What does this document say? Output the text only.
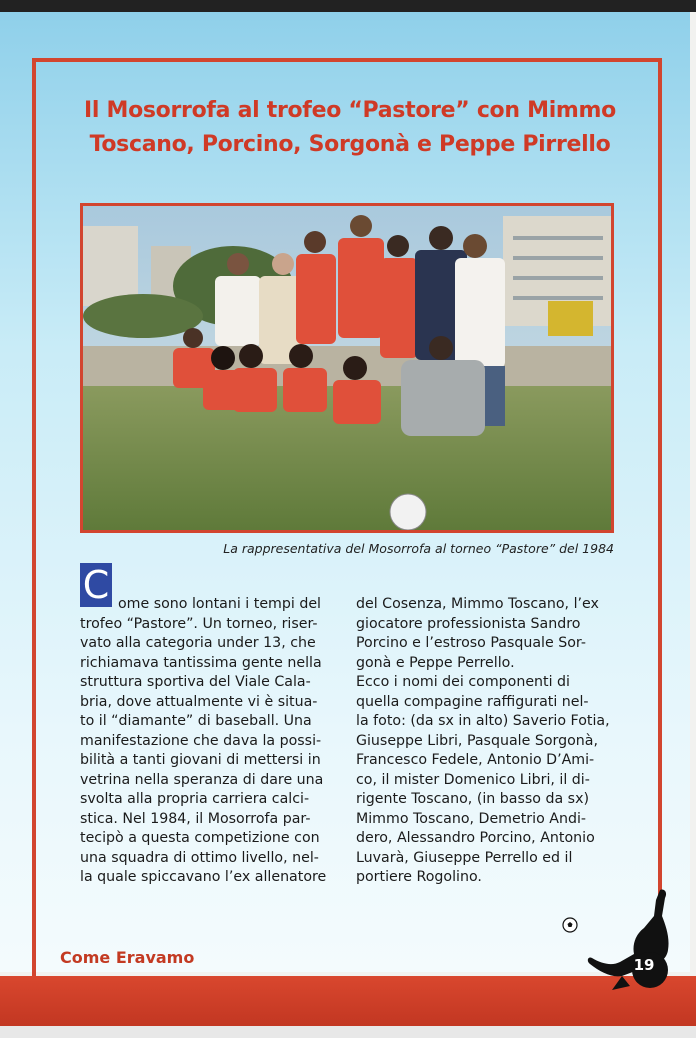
Il Mosorrofa al trofeo “Pastore” con Mimmo
Toscano, Porcino, Sorgonà e Peppe Pirrello
La rappresentativa del Mosorrofa al torneo “Pastore” del 1984
C ome sono lontani i tempi del

trofeo “Pastore”. Un torneo, riser-

vato alla categoria under 13, che

richiamava tantissima gente nella

struttura sportiva del Viale Cala-

bria, dove attualmente vi è situa-

to il “diamante” di baseball. Una

manifestazione che dava la possi-

bilità a tanti giovani di mettersi in

vetrina nella speranza di dare una

svolta alla propria carriera calci-

stica. Nel 1984, il Mosorrofa par-

tecipò a questa competizione con

una squadra di ottimo livello, nel-

la quale spiccavano l’ex allenatore

del Cosenza, Mimmo Toscano, l’ex

giocatore professionista Sandro

Porcino e l’estroso Pasquale Sor-

gonà e Peppe Perrello.

Ecco i nomi dei componenti di

quella compagine raffigurati nel-

la foto: (da sx in alto) Saverio Fotia,

Giuseppe Libri, Pasquale Sorgonà,

Francesco Fedele, Antonio D’Ami-

co, il mister Domenico Libri, il di-

rigente Toscano, (in basso da sx)

Mimmo Toscano, Demetrio Andi-

dero, Alessandro Porcino, Antonio

Luvarà, Giuseppe Perrello ed il

portiere Rogolino.

Come Eravamo	19
